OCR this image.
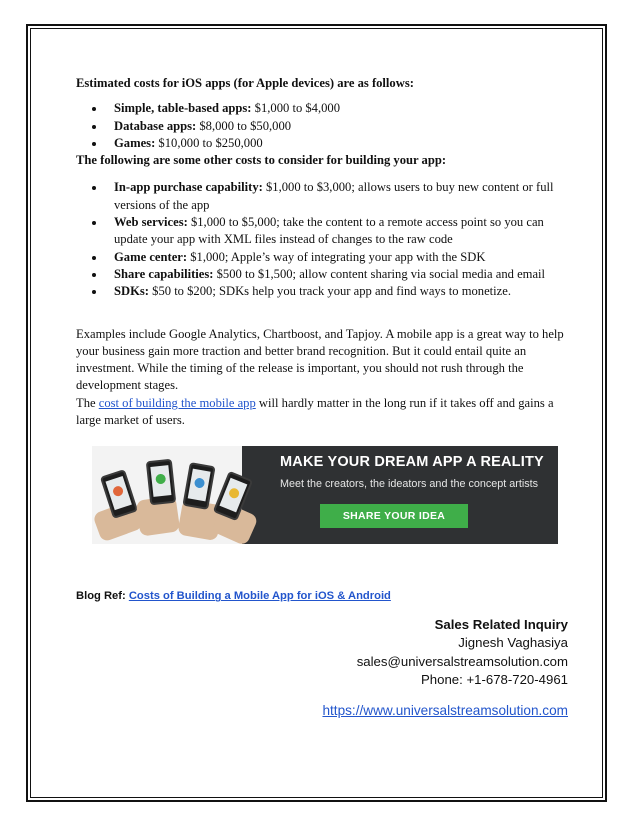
Estimated costs for iOS apps (for Apple devices) are as follows:

Simple, table-based apps: $1,000 to $4,000
Database apps: $8,000 to $50,000
Games: $10,000 to $250,000

The following are some other costs to consider for building your app:

In-app purchase capability: $1,000 to $3,000; allows users to buy new content or full versions of the app
Web services: $1,000 to $5,000; take the content to a remote access point so you can update your app with XML files instead of changes to the raw code
Game center: $1,000; Apple’s way of integrating your app with the SDK
Share capabilities: $500 to $1,500; allow content sharing via social media and email
SDKs: $50 to $200; SDKs help you track your app and find ways to monetize.

Examples include Google Analytics, Chartboost, and Tapjoy. A mobile app is a great way to help your business gain more traction and better brand recognition. But it could entail quite an investment. While the timing of the release is important, you should not rush through the development stages.

The cost of building the mobile app will hardly matter in the long run if it takes off and gains a large market of users.

MAKE YOUR DREAM APP A REALITY
Meet the creators, the ideators and the concept artists
SHARE YOUR IDEA
Blog Ref: Costs of Building a Mobile App for iOS & Android
Sales Related Inquiry
Jignesh Vaghasiya
sales@universalstreamsolution.com
Phone: +1-678-720-4961
https://www.universalstreamsolution.com
